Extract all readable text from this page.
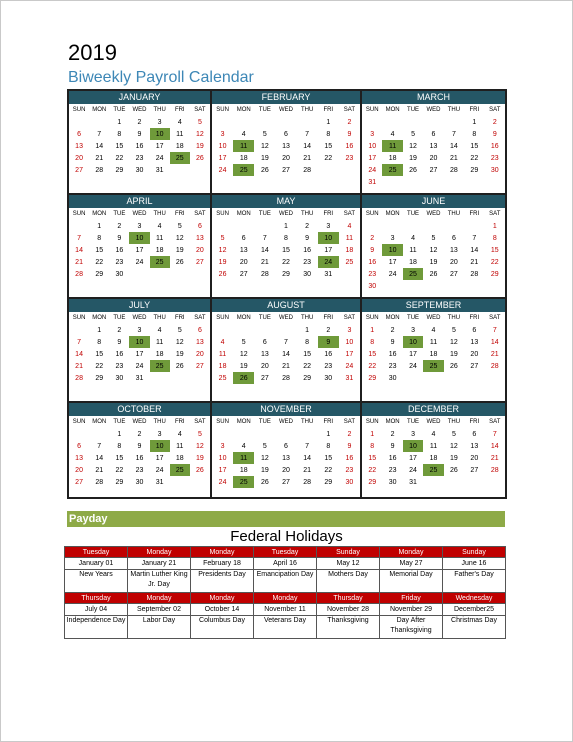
2019
Biweekly Payroll Calendar
JANUARY
SUN	MON	TUE	WED	THU	FRI	SAT
		1	2	3	4	5
6	7	8	9	10	11	12
13	14	15	16	17	18	19
20	21	22	23	24	25	26
27	28	29	30	31		

FEBRUARY
SUN	MON	TUE	WED	THU	FRI	SAT
					1	2
3	4	5	6	7	8	9
10	11	12	13	14	15	16
17	18	19	20	21	22	23
24	25	26	27	28		

MARCH
SUN	MON	TUE	WED	THU	FRI	SAT
					1	2
3	4	5	6	7	8	9
10	11	12	13	14	15	16
17	18	19	20	21	22	23
24	25	26	27	28	29	30
31						
APRIL
SUN	MON	TUE	WED	THU	FRI	SAT
	1	2	3	4	5	6
7	8	9	10	11	12	13
14	15	16	17	18	19	20
21	22	23	24	25	26	27
28	29	30				

MAY
SUN	MON	TUE	WED	THU	FRI	SAT
			1	2	3	4
5	6	7	8	9	10	11
12	13	14	15	16	17	18
19	20	21	22	23	24	25
26	27	28	29	30	31	

JUNE
SUN	MON	TUE	WED	THU	FRI	SAT
						1
2	3	4	5	6	7	8
9	10	11	12	13	14	15
16	17	18	19	20	21	22
23	24	25	26	27	28	29
30						
JULY
SUN	MON	TUE	WED	THU	FRI	SAT
	1	2	3	4	5	6
7	8	9	10	11	12	13
14	15	16	17	18	19	20
21	22	23	24	25	26	27
28	29	30	31			

AUGUST
SUN	MON	TUE	WED	THU	FRI	SAT
				1	2	3
4	5	6	7	8	9	10
11	12	13	14	15	16	17
18	19	20	21	22	23	24
25	26	27	28	29	30	31

SEPTEMBER
SUN	MON	TUE	WED	THU	FRI	SAT
1	2	3	4	5	6	7
8	9	10	11	12	13	14
15	16	17	18	19	20	21
22	23	24	25	26	27	28
29	30					

OCTOBER
SUN	MON	TUE	WED	THU	FRI	SAT
		1	2	3	4	5
6	7	8	9	10	11	12
13	14	15	16	17	18	19
20	21	22	23	24	25	26
27	28	29	30	31		
NOVEMBER
SUN	MON	TUE	WED	THU	FRI	SAT
					1	2
3	4	5	6	7	8	9
10	11	12	13	14	15	16
17	18	19	20	21	22	23
24	25	26	27	28	29	30
DECEMBER
SUN	MON	TUE	WED	THU	FRI	SAT
1	2	3	4	5	6	7
8	9	10	11	12	13	14
15	16	17	18	19	20	21
22	23	24	25	26	27	28
29	30	31				
Payday
Federal Holidays
Tuesday	Monday	Monday	Tuesday	Sunday	Monday	Sunday
January 01	January 21	February 18	April 16	May 12	May 27	June 16
New Years	Martin Luther King Jr. Day	Presidents Day	Emancipation Day	Mothers Day	Memorial Day	Father's Day
Thursday	Monday	Monday	Monday	Thursday	Friday	Wednesday
July 04	September 02	October 14	November 11	November 28	November 29	December25
Independence Day	Labor Day	Columbus Day	Veterans Day	Thanksgiving	Day After Thanksgiving	Christmas Day
